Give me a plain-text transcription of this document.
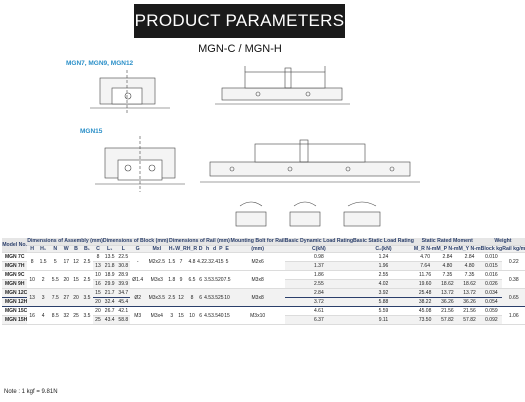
PRODUCT PARAMETERS
MGN-C / MGN-H
MGN7, MGN9, MGN12
MGN15
Model No.	Dimensions of Assembly (mm)							Dimensions of Block (mm)				Dimensions of Rail (mm)								Mounting Bolt for Rail	Basic Dynamic Load Rating	Basic Static Load Rating	Static Rated Moment			Weight	
	H	H₁	N	W	B	B₁	C	L₁	L	G	Mxl	H₂	W_R	H_R	D	h	d	P	E	(mm)	C(kN)	C₀(kN)	M_R N-m	M_P N-m	M_Y N-m	Block kg	Rail kg/m
MGN 7C	8	1.5	5	17	12	2.5	8	13.5	22.5	-	M2x2.5	1.5	7	4.8	4.2	2.3	2.4	15	5	M2x6	0.98	1.24	4.70	2.84	2.84	0.010	0.22
MGN 7H							13	21.8	30.8												1.37	1.96	7.64	4.80	4.80	0.015	
MGN 9C	10	2	5.5	20	15	2.5	10	18.9	28.9	Ø1.4	M3x3	1.8	9	6.5	6	3.5	3.5	20	7.5	M3x8	1.86	2.55	11.76	7.35	7.35	0.016	0.38
MGN 9H							16	29.9	39.9												2.55	4.02	19.60	18.62	18.62	0.026	
MGN 12C	13	3	7.5	27	20	3.5	15	21.7	34.7	Ø2	M3x3.5	2.5	12	8	6	4.5	3.5	25	10	M3x8	2.84	3.92	25.48	13.72	13.72	0.034	0.65
MGN 12H							20	32.4	45.4												3.72	5.88	38.22	36.26	36.26	0.054	
MGN 15C	16	4	8.5	32	25	3.5	20	26.7	42.1	M3	M3x4	3	15	10	6	4.5	3.5	40	15	M3x10	4.61	5.59	45.08	21.56	21.56	0.059	1.06
MGN 15H							25	43.4	58.8												6.37	9.11	73.50	57.82	57.82	0.092	
Note : 1 kgf = 9.81N
